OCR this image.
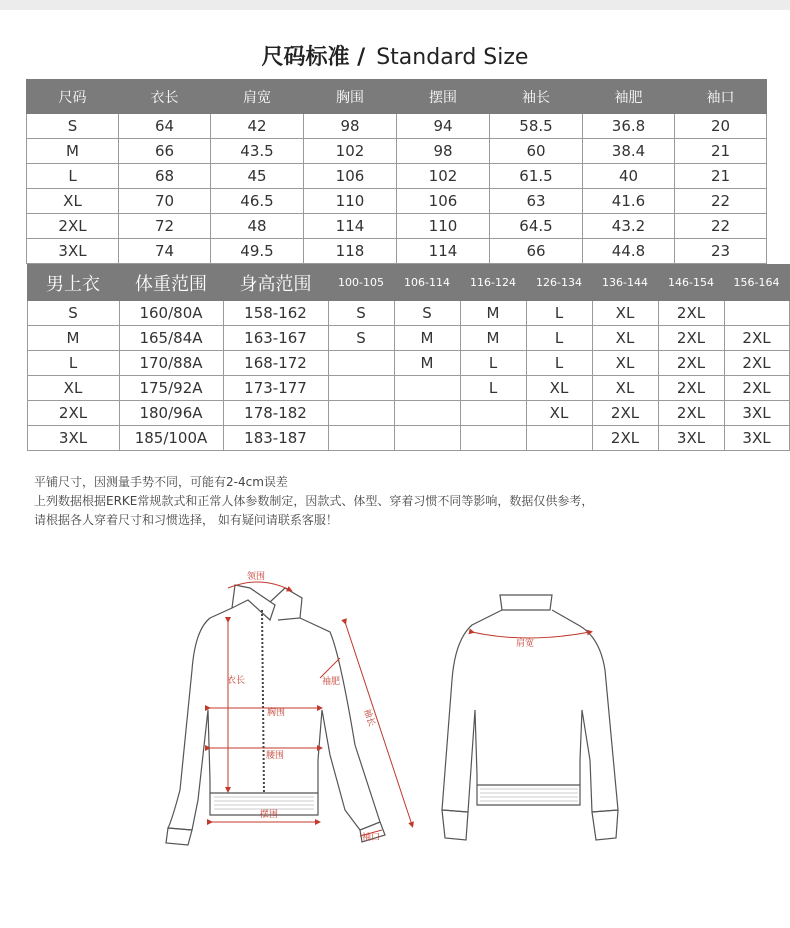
尺码标准 / Standard Size
尺码	衣长	肩宽	胸围	摆围	袖长	袖肥	袖口
S	64	42	98	94	58.5	36.8	20
M	66	43.5	102	98	60	38.4	21
L	68	45	106	102	61.5	40	21
XL	70	46.5	110	106	63	41.6	22
2XL	72	48	114	110	64.5	43.2	22
3XL	74	49.5	118	114	66	44.8	23

男上衣	体重范围	身高范围	100-105	106-114	116-124	126-134	136-144	146-154	156-164
S	160/80A	158-162	S	S	M	L	XL	2XL	
M	165/84A	163-167	S	M	M	L	XL	2XL	2XL
L	170/88A	168-172		M	L	L	XL	2XL	2XL
XL	175/92A	173-177			L	XL	XL	2XL	2XL
2XL	180/96A	178-182				XL	2XL	2XL	3XL
3XL	185/100A	183-187					2XL	3XL	3XL
平铺尺寸，因测量手势不同，可能有2-4cm误差
上列数据根据ERKE常规款式和正常人体参数制定，因款式、体型、穿着习惯不同等影响，数据仅供参考，
请根据各人穿着尺寸和习惯选择， 如有疑问请联系客服！
领围
衣长	袖肥
胸围	袖长
腰围
摆围
袖口
肩宽
